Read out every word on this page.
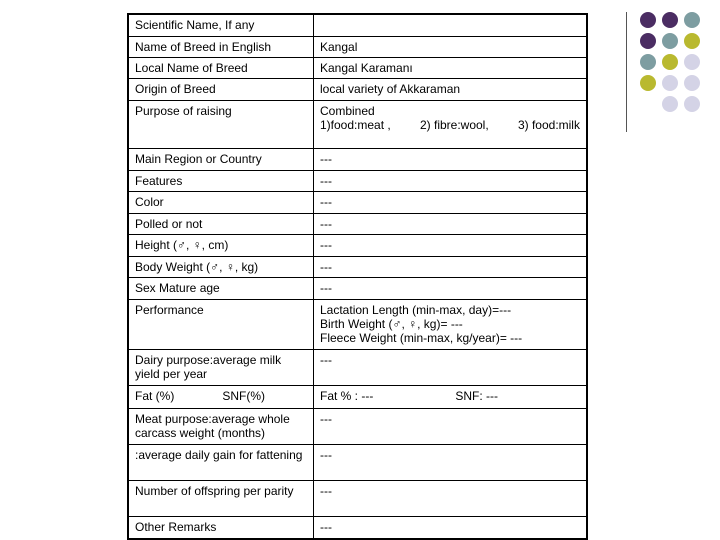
Scientific Name, If any	
Name of Breed in English	Kangal
Local Name of Breed	Kangal Karamanı
Origin of Breed	local variety of Akkaraman
Purpose of raising	Combined
1)food:meat , 2) fibre:wool, 3) food:milk

Main Region or Country	---
Features	---
Color	---
Polled or not	---
Height (♂, ♀, cm)	---
Body Weight (♂, ♀, kg)	---
Sex Mature age	---
Performance	Lactation Length (min-max, day)=---
Birth Weight (♂, ♀, kg)= ---
Fleece Weight (min-max, kg/year)= ---

Dairy purpose:average milk yield per year	---

Fat (%) SNF(%)	Fat % : --- SNF: ---

Meat purpose:average whole carcass weight (months)	---
:average daily gain for fattening	---
Number of offspring per parity	---
Other Remarks	---
